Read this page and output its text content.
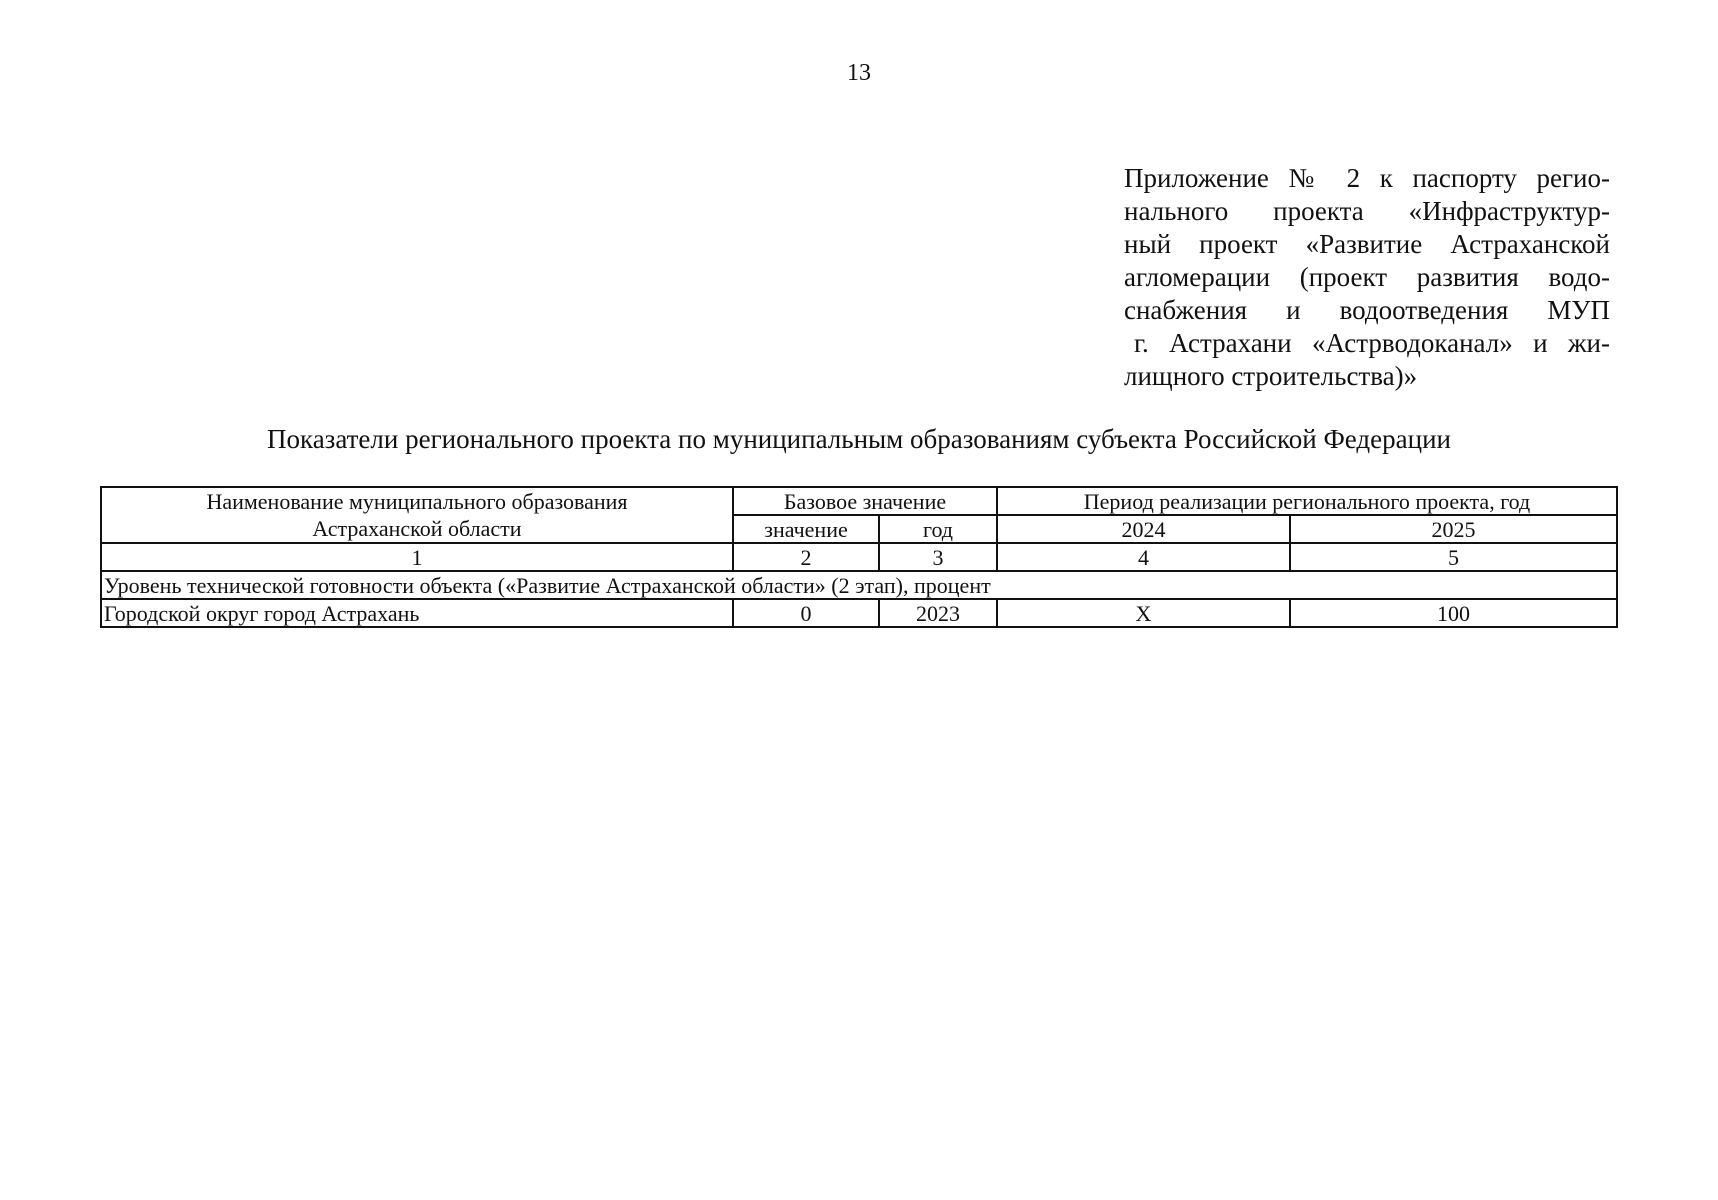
13
Приложение № 2 к паспорту регио-
нального проекта «Инфраструктур-
ный проект «Развитие Астраханской
агломерации (проект развития водо-
снабжения и водоотведения МУП
г. Астрахани «Астрводоканал» и жи-
лищного строительства)»
Показатели регионального проекта по муниципальным образованиям субъекта Российской Федерации
Наименование муниципального образования
Астраханской области	Базовое значение		Период реализации регионального проекта, год	
	значение	год	2024	2025
1	2	3	4	5
Уровень технической готовности объекта («Развитие Астраханской области» (2 этап), процент				
Городской округ город Астрахань	0	2023	X	100
